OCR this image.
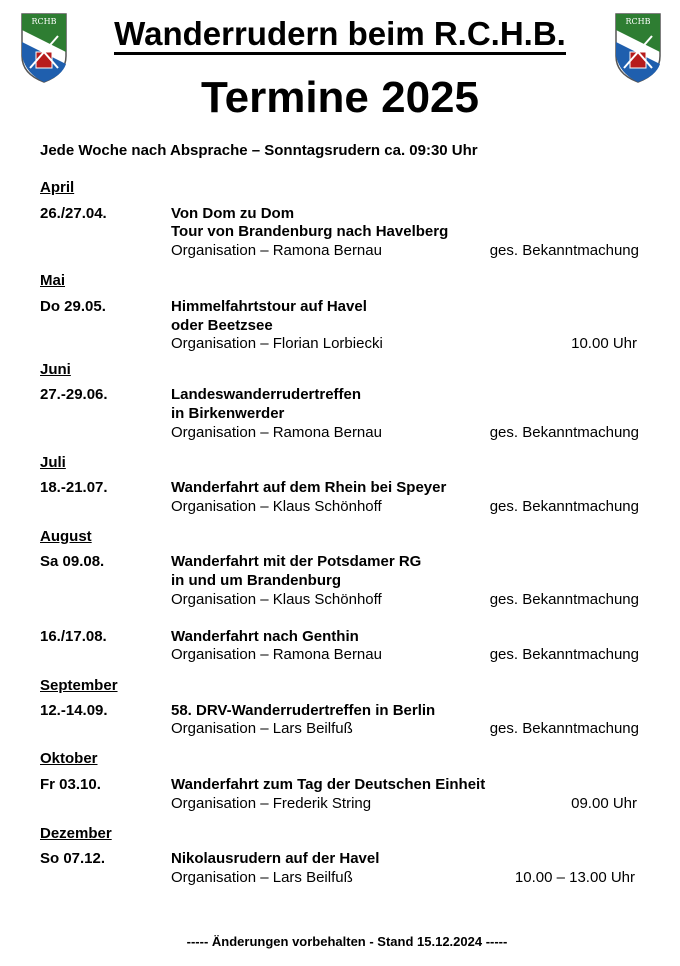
RCHB	RCHB
Wanderrudern beim R.C.H.B.
Termine 2025
Jede Woche nach Absprache – Sonntagsrudern ca. 09:30 Uhr
April
26./27.04.	Von Dom zu Dom
Tour von Brandenburg nach Havelberg
Organisation – Ramona Bernau	ges. Bekanntmachung
Mai
Do 29.05.	Himmelfahrtstour auf Havel
oder Beetzsee
Organisation – Florian Lorbiecki	10.00 Uhr
Juni
27.-29.06.	Landeswanderrudertreffen
in Birkenwerder
Organisation – Ramona Bernau	ges. Bekanntmachung
Juli
18.-21.07.	Wanderfahrt auf dem Rhein bei Speyer
Organisation – Klaus Schönhoff	ges. Bekanntmachung
August
Sa 09.08.	Wanderfahrt mit der Potsdamer RG
in und um Brandenburg
Organisation – Klaus Schönhoff	ges. Bekanntmachung
16./17.08.	Wanderfahrt nach Genthin
Organisation – Ramona Bernau	ges. Bekanntmachung
September
12.-14.09.	58. DRV-Wanderrudertreffen in Berlin
Organisation – Lars Beilfuß	ges. Bekanntmachung
Oktober
Fr 03.10.	Wanderfahrt zum Tag der Deutschen Einheit
Organisation – Frederik String	09.00 Uhr
Dezember
So 07.12.	Nikolausrudern auf der Havel
Organisation – Lars Beilfuß	10.00 – 13.00 Uhr
----- Änderungen vorbehalten - Stand 15.12.2024 -----
